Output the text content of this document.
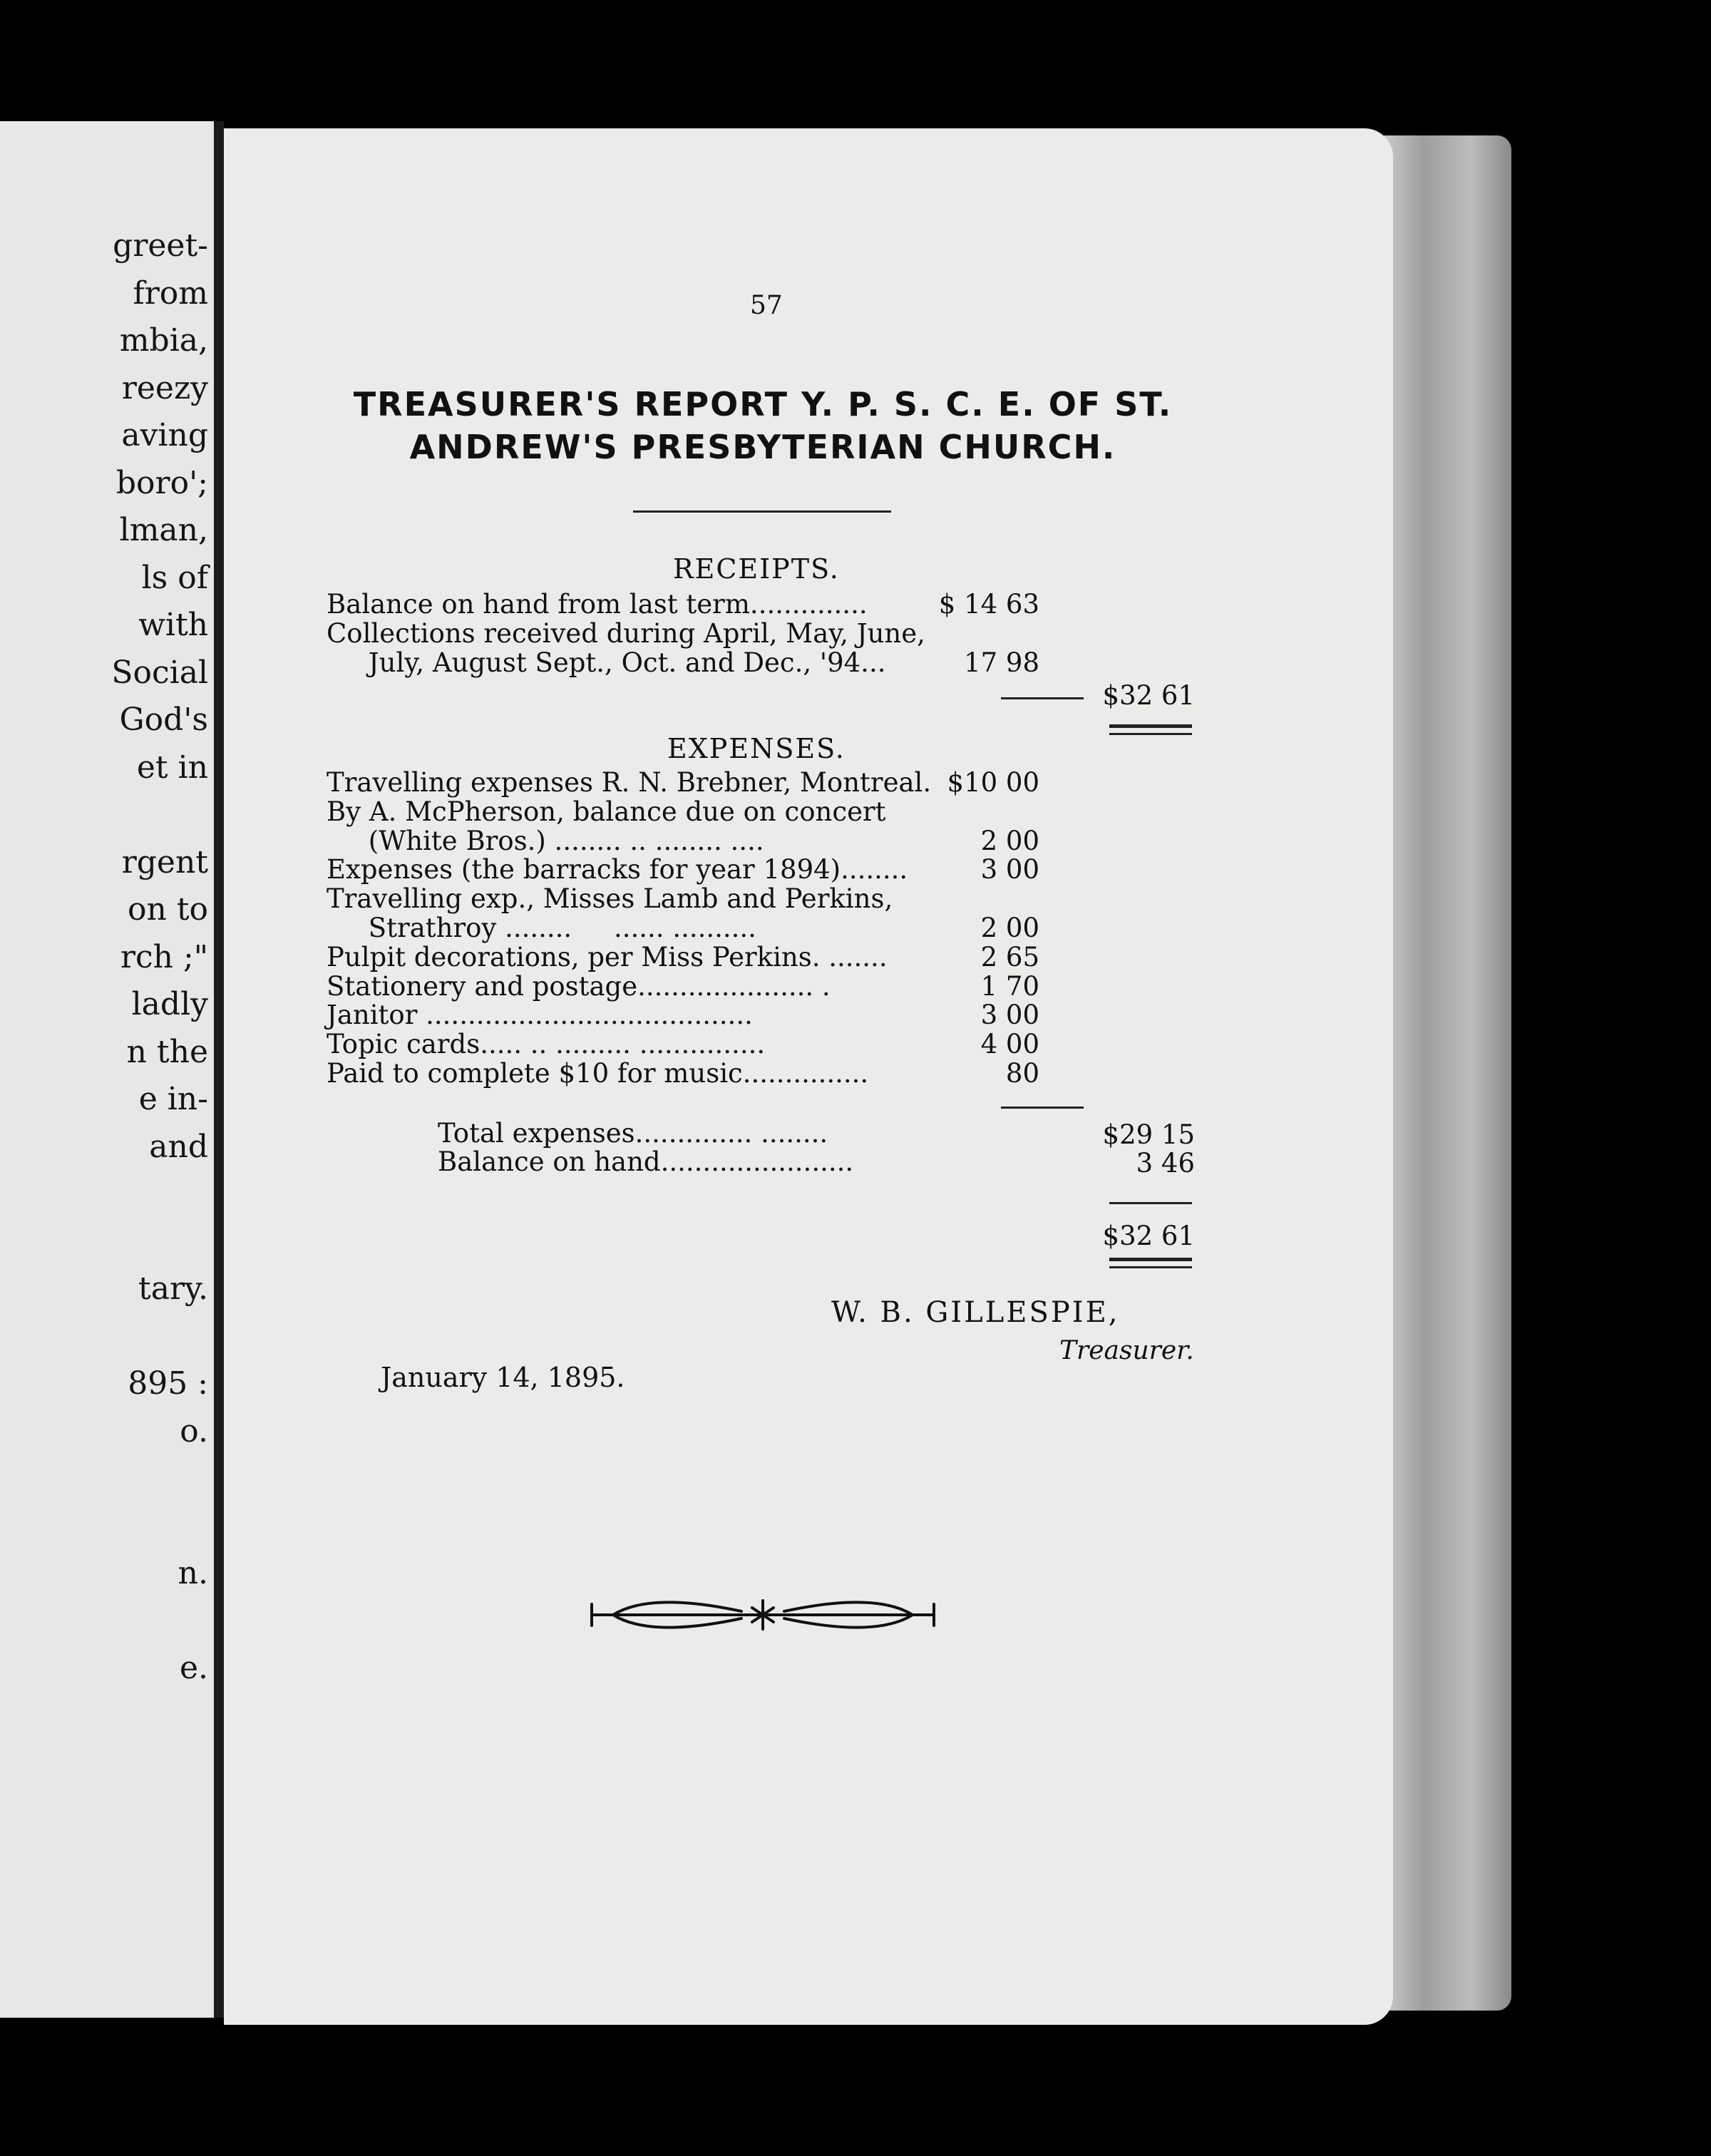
greet-
from
mbia,
reezy
aving
boro';
lman,
ls of
with
Social
God's
et in
rgent
on to
rch ;"
ladly
n the
e in-
and
tary.
895 :
o.
n.
e.
57
TREASURER'S REPORT Y. P. S. C. E. OF ST.
ANDREW'S PRESBYTERIAN CHURCH.
RECEIPTS.
Balance on hand from last term..............	$ 14 63
Collections received during April, May, June,
July, August Sept., Oct. and Dec., '94...	17 98
$32 61
EXPENSES.
Travelling expenses R. N. Brebner, Montreal. $10 00
By A. McPherson, balance due on concert
(White Bros.) ........ .. ........ ....	2 00
Expenses (the barracks for year 1894)........	3 00
Travelling exp., Misses Lamb and Perkins,
Strathroy ........     ...... ..........	2 00
Pulpit decorations, per Miss Perkins. .......	2 65
Stationery and postage..................... .	1 70
Janitor .......................................	3 00
Topic cards..... .. ......... ...............	4 00
Paid to complete $10 for music...............	80
Total expenses.............. ........	$29 15
Balance on hand.......................	3 46
$32 61
W. B. GILLESPIE,
Treasurer.
January 14, 1895.
